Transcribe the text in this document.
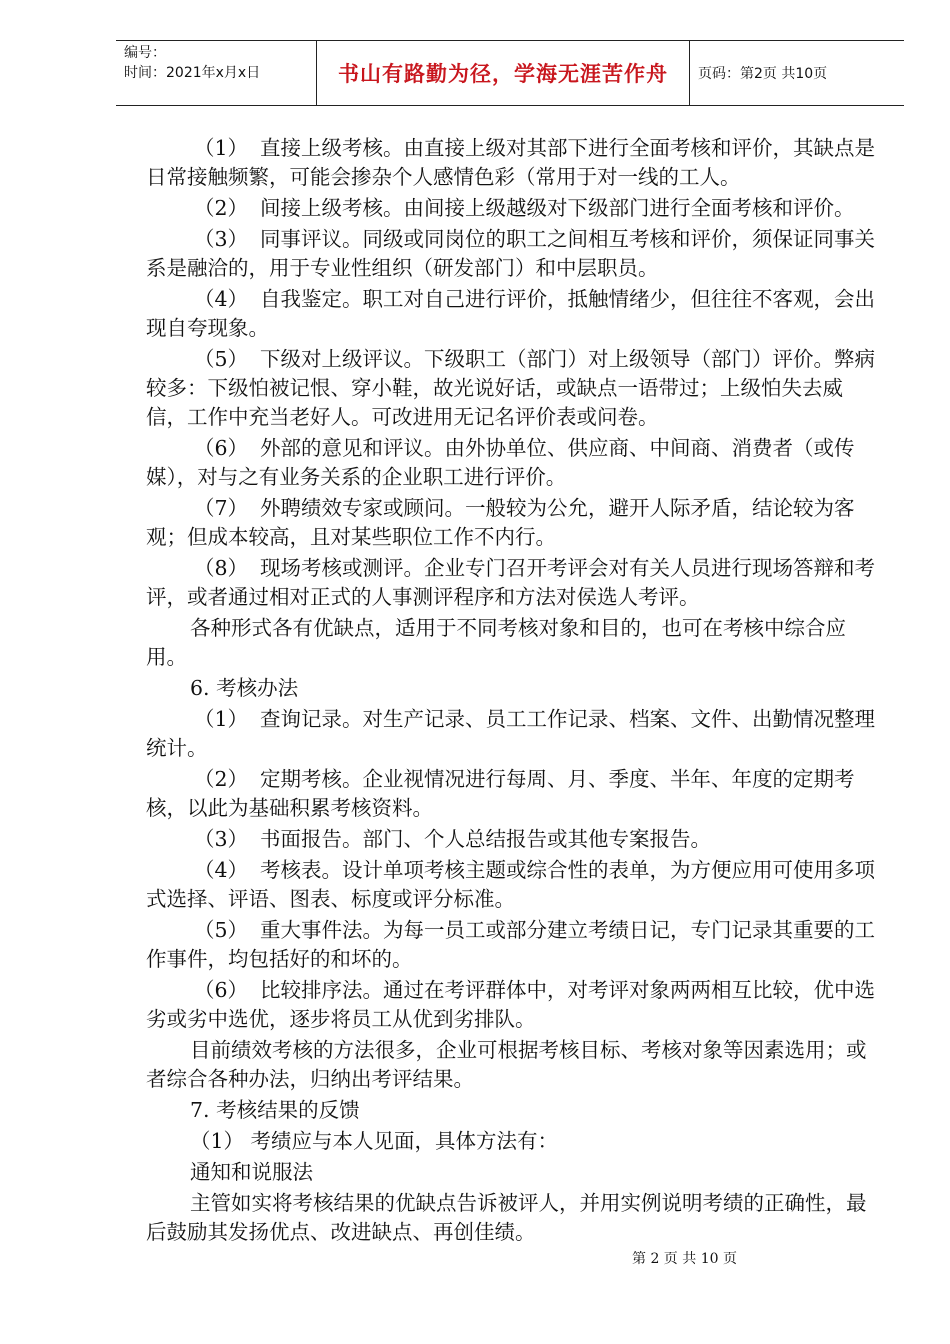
编号：
时间：2021年x月x日	书山有路勤为径，学海无涯苦作舟	页码：第2页 共10页

（1） 直接上级考核。由直接上级对其部下进行全面考核和评价，其缺点是日常接触频繁，可能会掺杂个人感情色彩（常用于对一线的工人。

（2） 间接上级考核。由间接上级越级对下级部门进行全面考核和评价。

（3） 同事评议。同级或同岗位的职工之间相互考核和评价，须保证同事关系是融洽的，用于专业性组织（研发部门）和中层职员。

（4） 自我鉴定。职工对自己进行评价，抵触情绪少，但往往不客观，会出现自夸现象。

（5） 下级对上级评议。下级职工（部门）对上级领导（部门）评价。弊病较多：下级怕被记恨、穿小鞋，故光说好话，或缺点一语带过；上级怕失去威信，工作中充当老好人。可改进用无记名评价表或问卷。

（6） 外部的意见和评议。由外协单位、供应商、中间商、消费者（或传媒），对与之有业务关系的企业职工进行评价。

（7） 外聘绩效专家或顾问。一般较为公允，避开人际矛盾，结论较为客观；但成本较高，且对某些职位工作不内行。

（8） 现场考核或测评。企业专门召开考评会对有关人员进行现场答辩和考评，或者通过相对正式的人事测评程序和方法对侯选人考评。

各种形式各有优缺点，适用于不同考核对象和目的，也可在考核中综合应用。

6. 考核办法

（1） 查询记录。对生产记录、员工工作记录、档案、文件、出勤情况整理统计。

（2） 定期考核。企业视情况进行每周、月、季度、半年、年度的定期考核，以此为基础积累考核资料。

（3） 书面报告。部门、个人总结报告或其他专案报告。

（4） 考核表。设计单项考核主题或综合性的表单，为方便应用可使用多项式选择、评语、图表、标度或评分标准。

（5） 重大事件法。为每一员工或部分建立考绩日记，专门记录其重要的工作事件，均包括好的和坏的。

（6） 比较排序法。通过在考评群体中，对考评对象两两相互比较，优中选劣或劣中选优，逐步将员工从优到劣排队。

目前绩效考核的方法很多，企业可根据考核目标、考核对象等因素选用；或者综合各种办法，归纳出考评结果。

7. 考核结果的反馈

（1） 考绩应与本人见面，具体方法有：

通知和说服法

主管如实将考核结果的优缺点告诉被评人，并用实例说明考绩的正确性，最后鼓励其发扬优点、改进缺点、再创佳绩。

第 2 页 共 10 页
